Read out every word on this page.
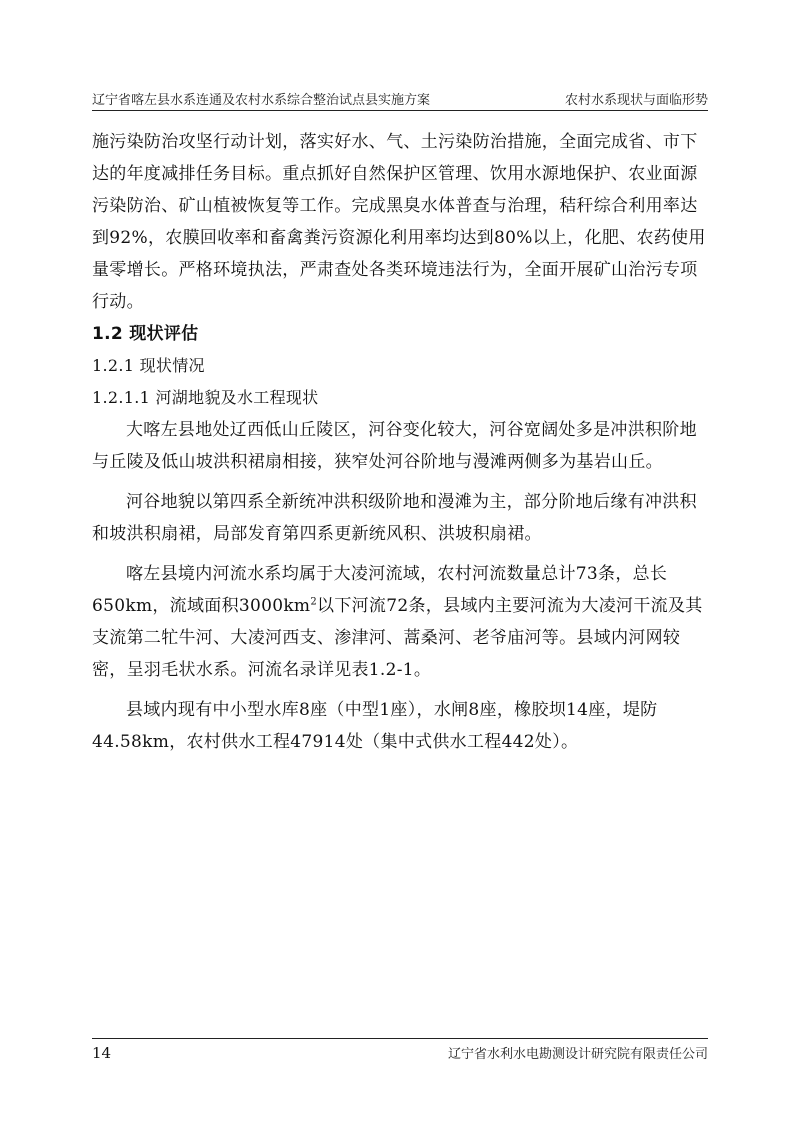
辽宁省喀左县水系连通及农村水系综合整治试点县实施方案	农村水系现状与面临形势

施污染防治攻坚行动计划，落实好水、气、土污染防治措施，全面完成省、市下达的年度减排任务目标。重点抓好自然保护区管理、饮用水源地保护、农业面源污染防治、矿山植被恢复等工作。完成黑臭水体普查与治理，秸秆综合利用率达到92%，农膜回收率和畜禽粪污资源化利用率均达到80%以上，化肥、农药使用量零增长。严格环境执法，严肃查处各类环境违法行为，全面开展矿山治污专项行动。

1.2 现状评估

1.2.1 现状情况

1.2.1.1 河湖地貌及水工程现状

大喀左县地处辽西低山丘陵区，河谷变化较大，河谷宽阔处多是冲洪积阶地与丘陵及低山坡洪积裙扇相接，狭窄处河谷阶地与漫滩两侧多为基岩山丘。

河谷地貌以第四系全新统冲洪积级阶地和漫滩为主，部分阶地后缘有冲洪积和坡洪积扇裙，局部发育第四系更新统风积、洪坡积扇裙。

喀左县境内河流水系均属于大凌河流域，农村河流数量总计73条，总长650km，流域面积$3000km^2$以下河流72条，县域内主要河流为大凌河干流及其支流第二牤牛河、大凌河西支、渗津河、蒿桑河、老爷庙河等。县域内河网较密，呈羽毛状水系。河流名录详见表1.2-1。

县域内现有中小型水库8座（中型1座），水闸8座，橡胶坝14座，堤防44.58km，农村供水工程47914处（集中式供水工程442处）。

14	辽宁省水利水电勘测设计研究院有限责任公司
